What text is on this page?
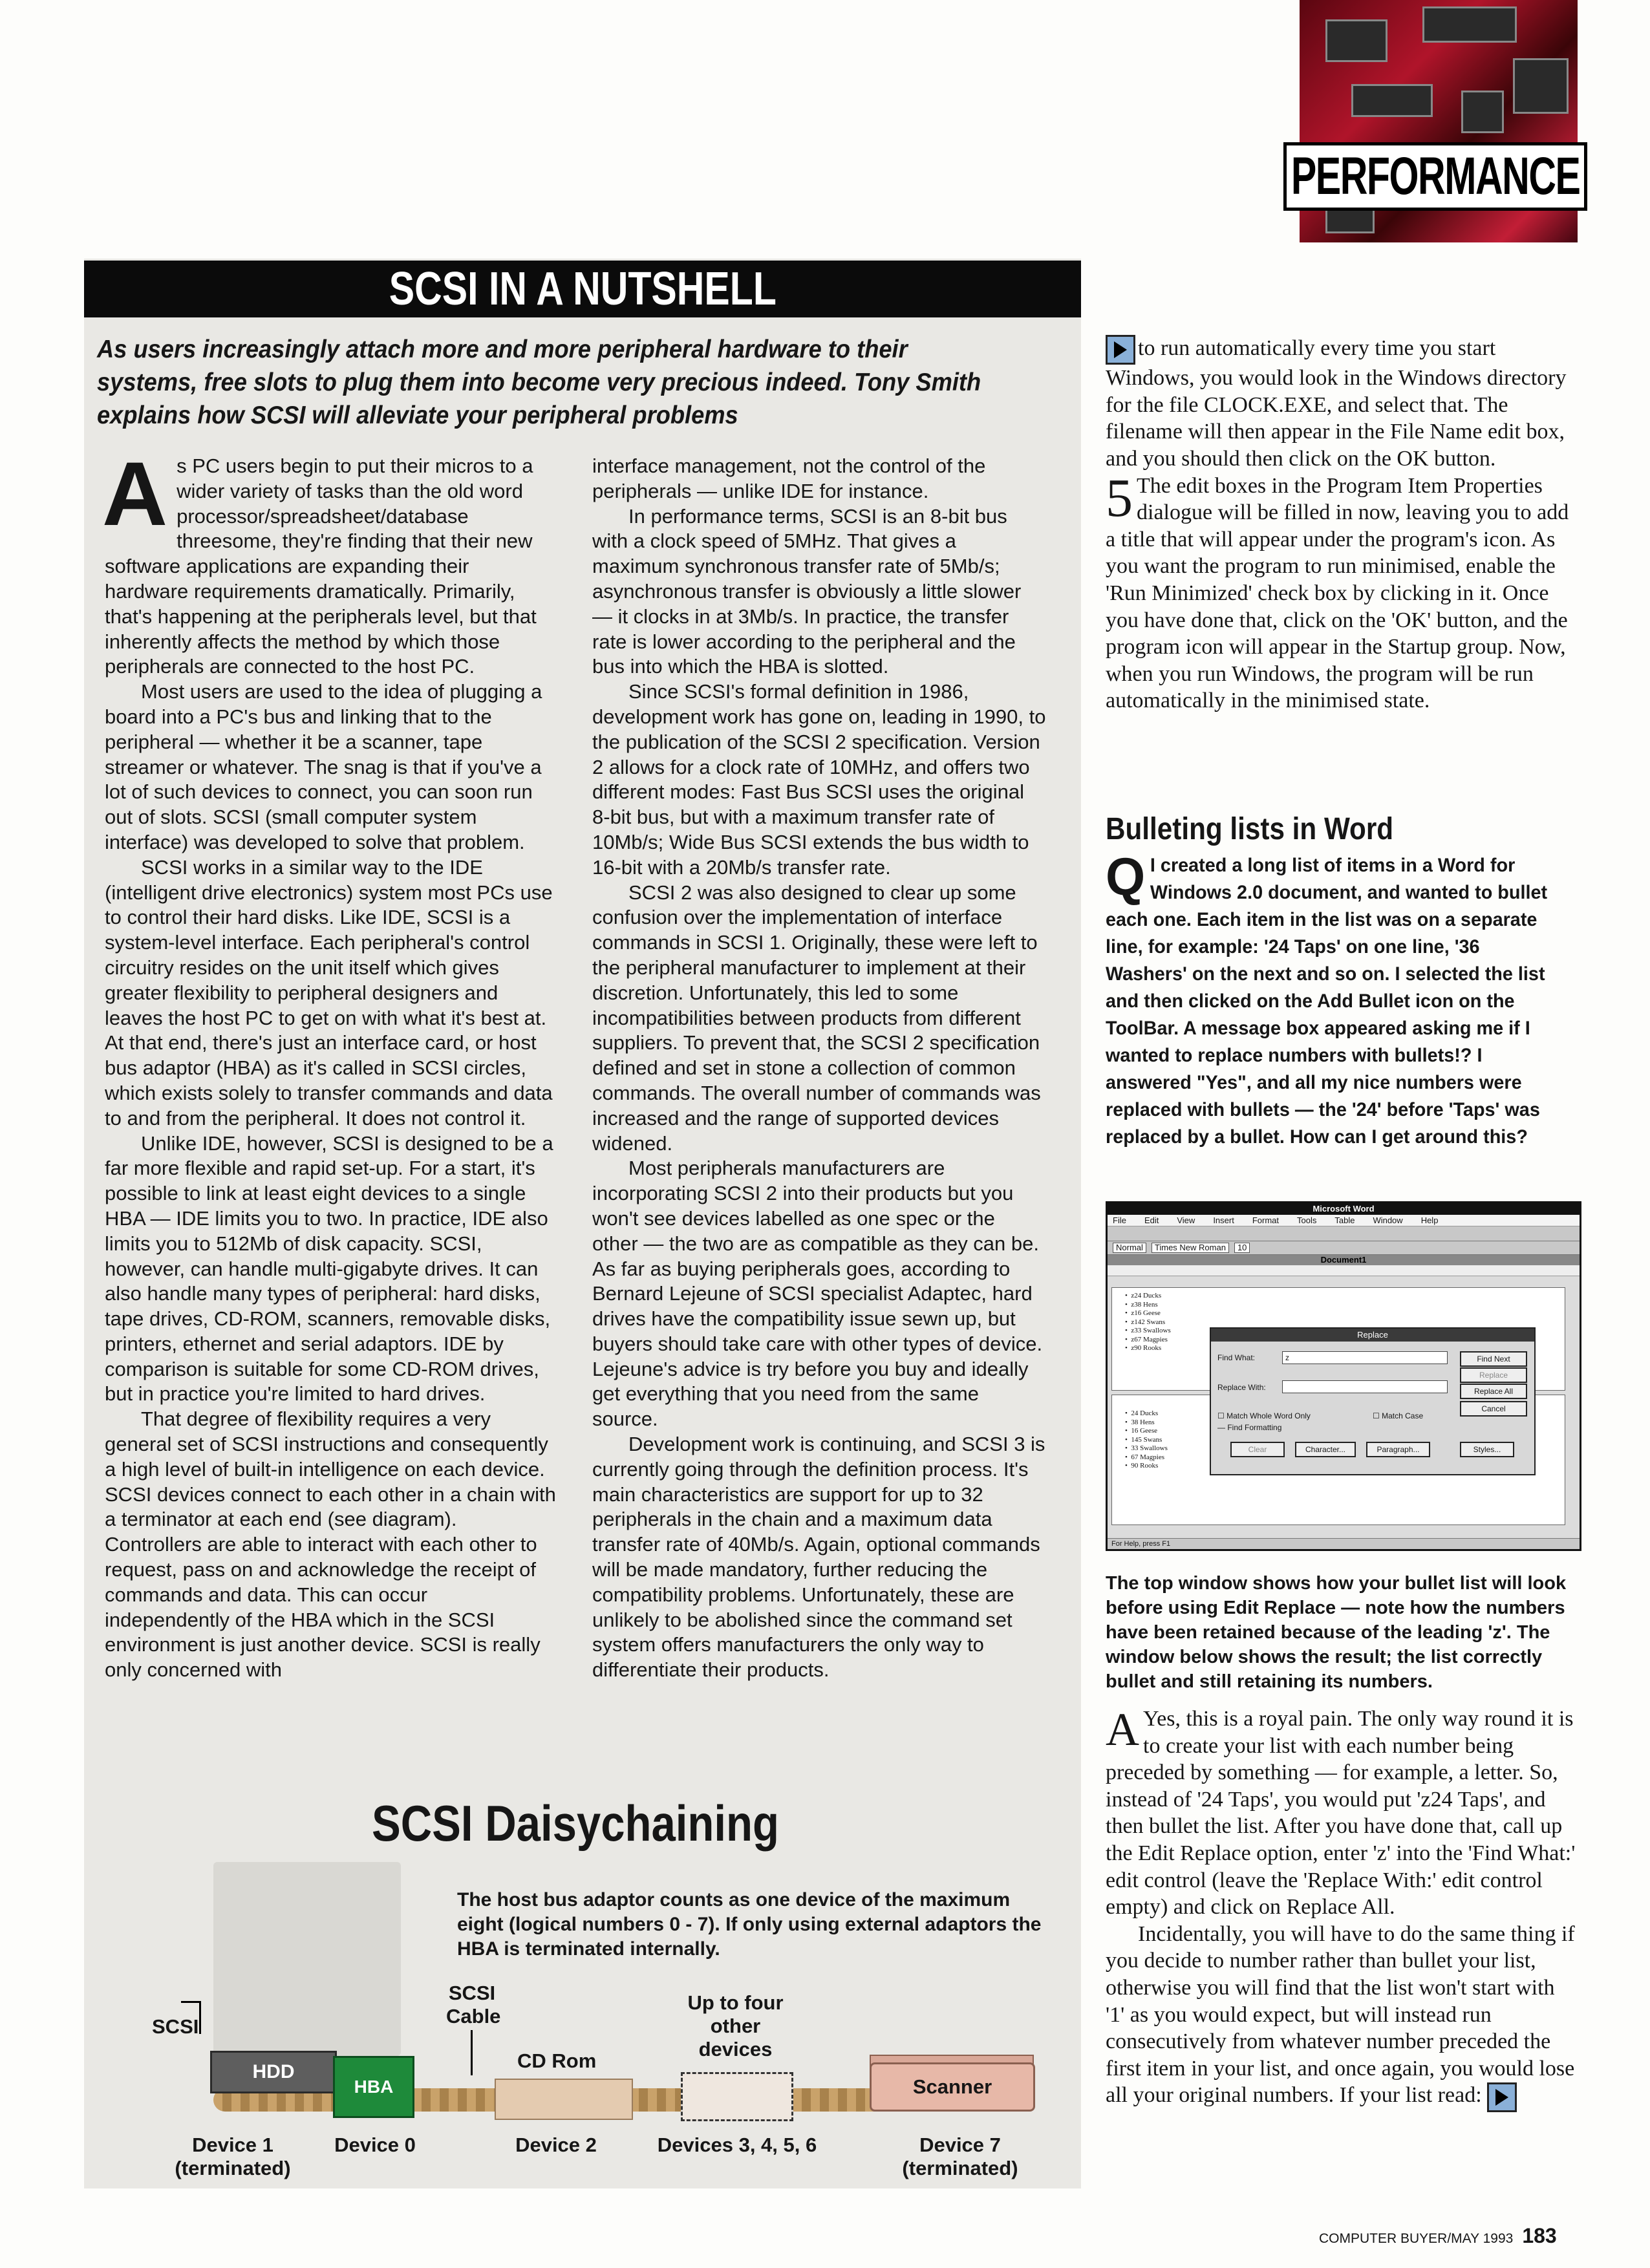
PERFORMANCE
SCSI IN A NUTSHELL
As users increasingly attach more and more peripheral hardware to their systems, free slots to plug them into become very precious indeed. Tony Smith explains how SCSI will alleviate your peripheral problems

As PC users begin to put their micros to a wider variety of tasks than the old word processor/spreadsheet/database threesome, they're finding that their new software applications are expanding their hardware requirements dramatically. Primarily, that's happening at the peripherals level, but that inherently affects the method by which those peripherals are connected to the host PC.

Most users are used to the idea of plugging a board into a PC's bus and linking that to the peripheral — whether it be a scanner, tape streamer or whatever. The snag is that if you've a lot of such devices to connect, you can soon run out of slots. SCSI (small computer system interface) was developed to solve that problem.

SCSI works in a similar way to the IDE (intelligent drive electronics) system most PCs use to control their hard disks. Like IDE, SCSI is a system-level interface. Each peripheral's control circuitry resides on the unit itself which gives greater flexibility to peripheral designers and leaves the host PC to get on with what it's best at. At that end, there's just an interface card, or host bus adaptor (HBA) as it's called in SCSI circles, which exists solely to transfer commands and data to and from the peripheral. It does not control it.

Unlike IDE, however, SCSI is designed to be a far more flexible and rapid set-up. For a start, it's possible to link at least eight devices to a single HBA — IDE limits you to two. In practice, IDE also limits you to 512Mb of disk capacity. SCSI, however, can handle multi-gigabyte drives. It can also handle many types of peripheral: hard disks, tape drives, CD-ROM, scanners, removable disks, printers, ethernet and serial adaptors. IDE by comparison is suitable for some CD-ROM drives, but in practice you're limited to hard drives.

That degree of flexibility requires a very general set of SCSI instructions and consequently a high level of built-in intelligence on each device. SCSI devices connect to each other in a chain with a terminator at each end (see diagram). Controllers are able to interact with each other to request, pass on and acknowledge the receipt of commands and data. This can occur independently of the HBA which in the SCSI environment is just another device. SCSI is really only concerned with

interface management, not the control of the peripherals — unlike IDE for instance.

In performance terms, SCSI is an 8-bit bus with a clock speed of 5MHz. That gives a maximum synchronous transfer rate of 5Mb/s; asynchronous transfer is obviously a little slower — it clocks in at 3Mb/s. In practice, the transfer rate is lower according to the peripheral and the bus into which the HBA is slotted.

Since SCSI's formal definition in 1986, development work has gone on, leading in 1990, to the publication of the SCSI 2 specification. Version 2 allows for a clock rate of 10MHz, and offers two different modes: Fast Bus SCSI uses the original 8-bit bus, but with a maximum transfer rate of 10Mb/s; Wide Bus SCSI extends the bus width to 16-bit with a 20Mb/s transfer rate.

SCSI 2 was also designed to clear up some confusion over the implementation of interface commands in SCSI 1. Originally, these were left to the peripheral manufacturer to implement at their discretion. Unfortunately, this led to some incompatibilities between products from different suppliers. To prevent that, the SCSI 2 specification defined and set in stone a collection of common commands. The overall number of commands was increased and the range of supported devices widened.

Most peripherals manufacturers are incorporating SCSI 2 into their products but you won't see devices labelled as one spec or the other — the two are as compatible as they can be. As far as buying peripherals goes, according to Bernard Lejeune of SCSI specialist Adaptec, hard drives have the compatibility issue sewn up, but buyers should take care with other types of device. Lejeune's advice is try before you buy and ideally get everything that you need from the same source.

Development work is continuing, and SCSI 3 is currently going through the definition process. It's main characteristics are support for up to 32 peripherals in the chain and a maximum data transfer rate of 40Mb/s. Again, optional commands will be made mandatory, further reducing the compatibility problems. Unfortunately, these are unlikely to be abolished since the command set system offers manufacturers the only way to differentiate their products.

SCSI Daisychaining
The host bus adaptor counts as one device of the maximum eight (logical numbers 0 - 7). If only using external adaptors the HBA is terminated internally.
SCSI
SCSI Cable
CD Rom
Up to four other devices
HDD
HBA	Scanner
Device 1
(terminated)
Device 0	Device 2	Devices 3, 4, 5, 6	Device 7
(terminated)

to run automatically every time you start Windows, you would look in the Windows directory for the file CLOCK.EXE, and select that. The filename will then appear in the File Name edit box, and you should then click on the OK button.

5 The edit boxes in the Program Item Properties dialogue will be filled in now, leaving you to add a title that will appear under the program's icon. As you want the program to run minimised, enable the 'Run Minimized' check box by clicking in it. Once you have done that, click on the 'OK' button, and the program icon will appear in the Startup group. Now, when you run Windows, the program will be run automatically in the minimised state.

Bulleting lists in Word
Q I created a long list of items in a Word for Windows 2.0 document, and wanted to bullet each one. Each item in the list was on a separate line, for example: '24 Taps' on one line, '36 Washers' on the next and so on. I selected the list and then clicked on the Add Bullet icon on the ToolBar. A message box appeared asking me if I wanted to replace numbers with bullets!? I answered "Yes", and all my nice numbers were replaced with bullets — the '24' before 'Taps' was replaced by a bullet. How can I get around this?
Microsoft Word
File Edit View Insert Format Tools Table Window Help
Normal Times New Roman 10
Document1
•  z24 Ducks
•  z38 Hens
•  z16 Geese
•  z142 Swans
•  z33 Swallows
•  z67 Magpies
•  z90 Rooks
•  24 Ducks
•  38 Hens
•  16 Geese
•  145 Swans
•  33 Swallows
•  67 Magpies
•  90 Rooks
Replace
Find What:	z
Replace With:
☐ Match Whole Word Only	☐ Match Case
— Find Formatting
Find Next
Replace
Replace All
Cancel
Clear	Character...	Paragraph...	Styles...
For Help, press F1
The top window shows how your bullet list will look before using Edit Replace — note how the numbers have been retained because of the leading 'z'. The window below shows the result; the list correctly bullet and still retaining its numbers.

A Yes, this is a royal pain. The only way round it is to create your list with each number being preceded by something — for example, a letter. So, instead of '24 Taps', you would put 'z24 Taps', and then bullet the list. After you have done that, call up the Edit Replace option, enter 'z' into the 'Find What:' edit control (leave the 'Replace With:' edit control empty) and click on Replace All.

Incidentally, you will have to do the same thing if you decide to number rather than bullet your list, otherwise you will find that the list won't start with '1' as you would expect, but will instead run consecutively from whatever number preceded the first item in your list, and once again, you would lose all your original numbers. If your list read:

COMPUTER BUYER/MAY 1993 183
